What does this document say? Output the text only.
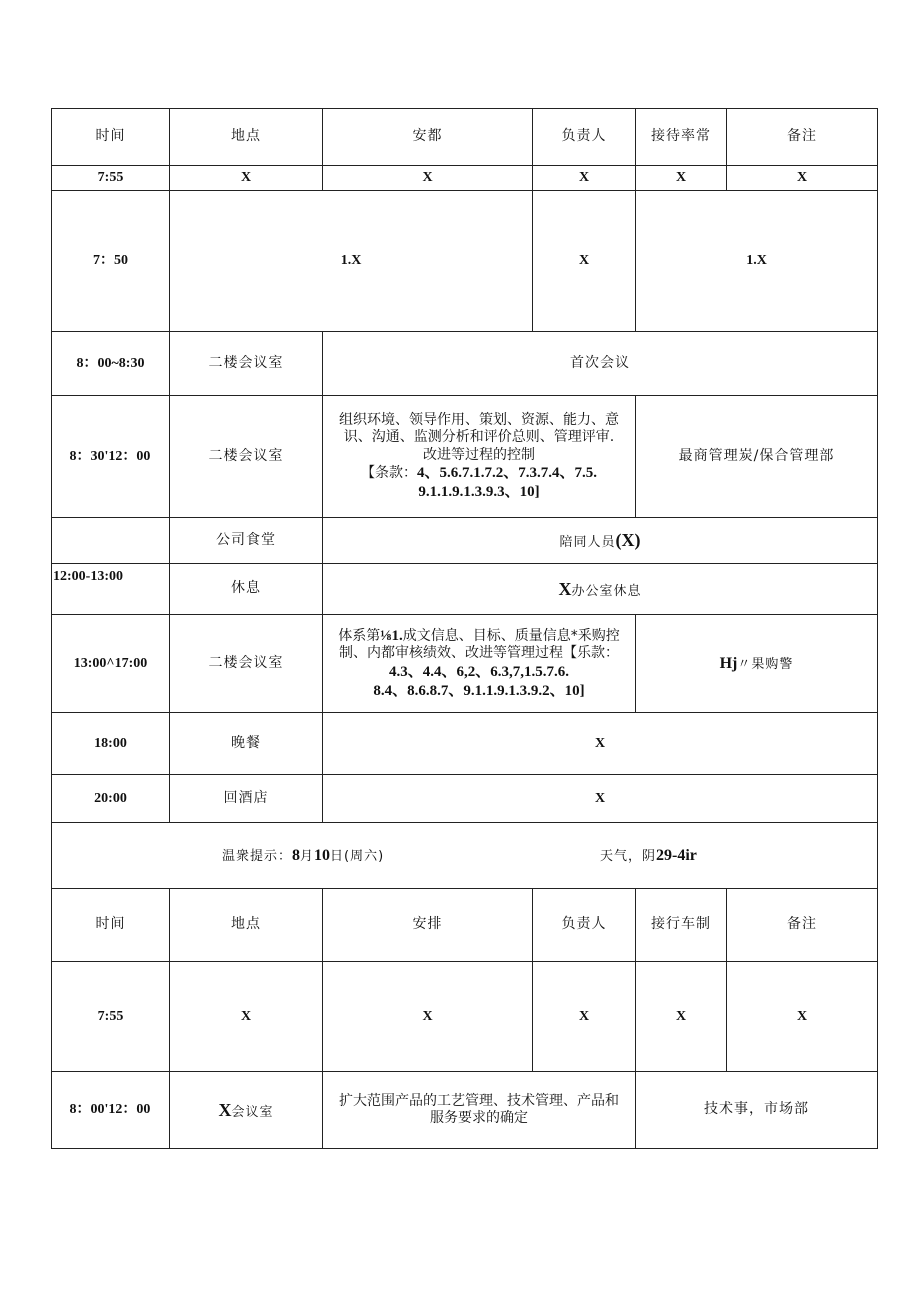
时间	地点	安都	负责人	接待率常	备注
7:55	X	X	X	X	X
7：50	1.X		X	1.X	
8：00~8:30	二楼会议室	首次会议			

8：30'12：00	二楼会议室	组织环境、领导作用、策划、资源、能力、意
识、沟通、监测分析和评价总则、管理评审.
改进等过程的控制
【条款：4、5.6.7.1.7.2、7.3.7.4、7.5.
9.1.1.9.1.3.9.3、10]		最商管理炭/保合管理部	
	公司食堂	陪同人员(X)			
12:00-13:00	休息	X办公室休息			
13:00^17:00	二楼会议室	体系第⅛1.成文信息、目标、质量信息*釆购控
制、内都审核绩效、改进等管理过程【乐款：
4.3、4.4、6,2、6.3,7,1.5.7.6.
8.4、8.6.8.7、9.1.1.9.1.3.9.2、10]		Hj〃果购警	
18:00	晚餐	X			
20:00	回酒店	X			

温衆提示：8月10日(周六) 天气，阴29-4ir					

时间	地点	安排	负责人	接行车制	备注
7:55	X	X	X	X	X

8：00'12：00	X会议室	扩大范围产品的工艺管理、技术管理、产品和
服务要求的确定		技术事，市场部	
